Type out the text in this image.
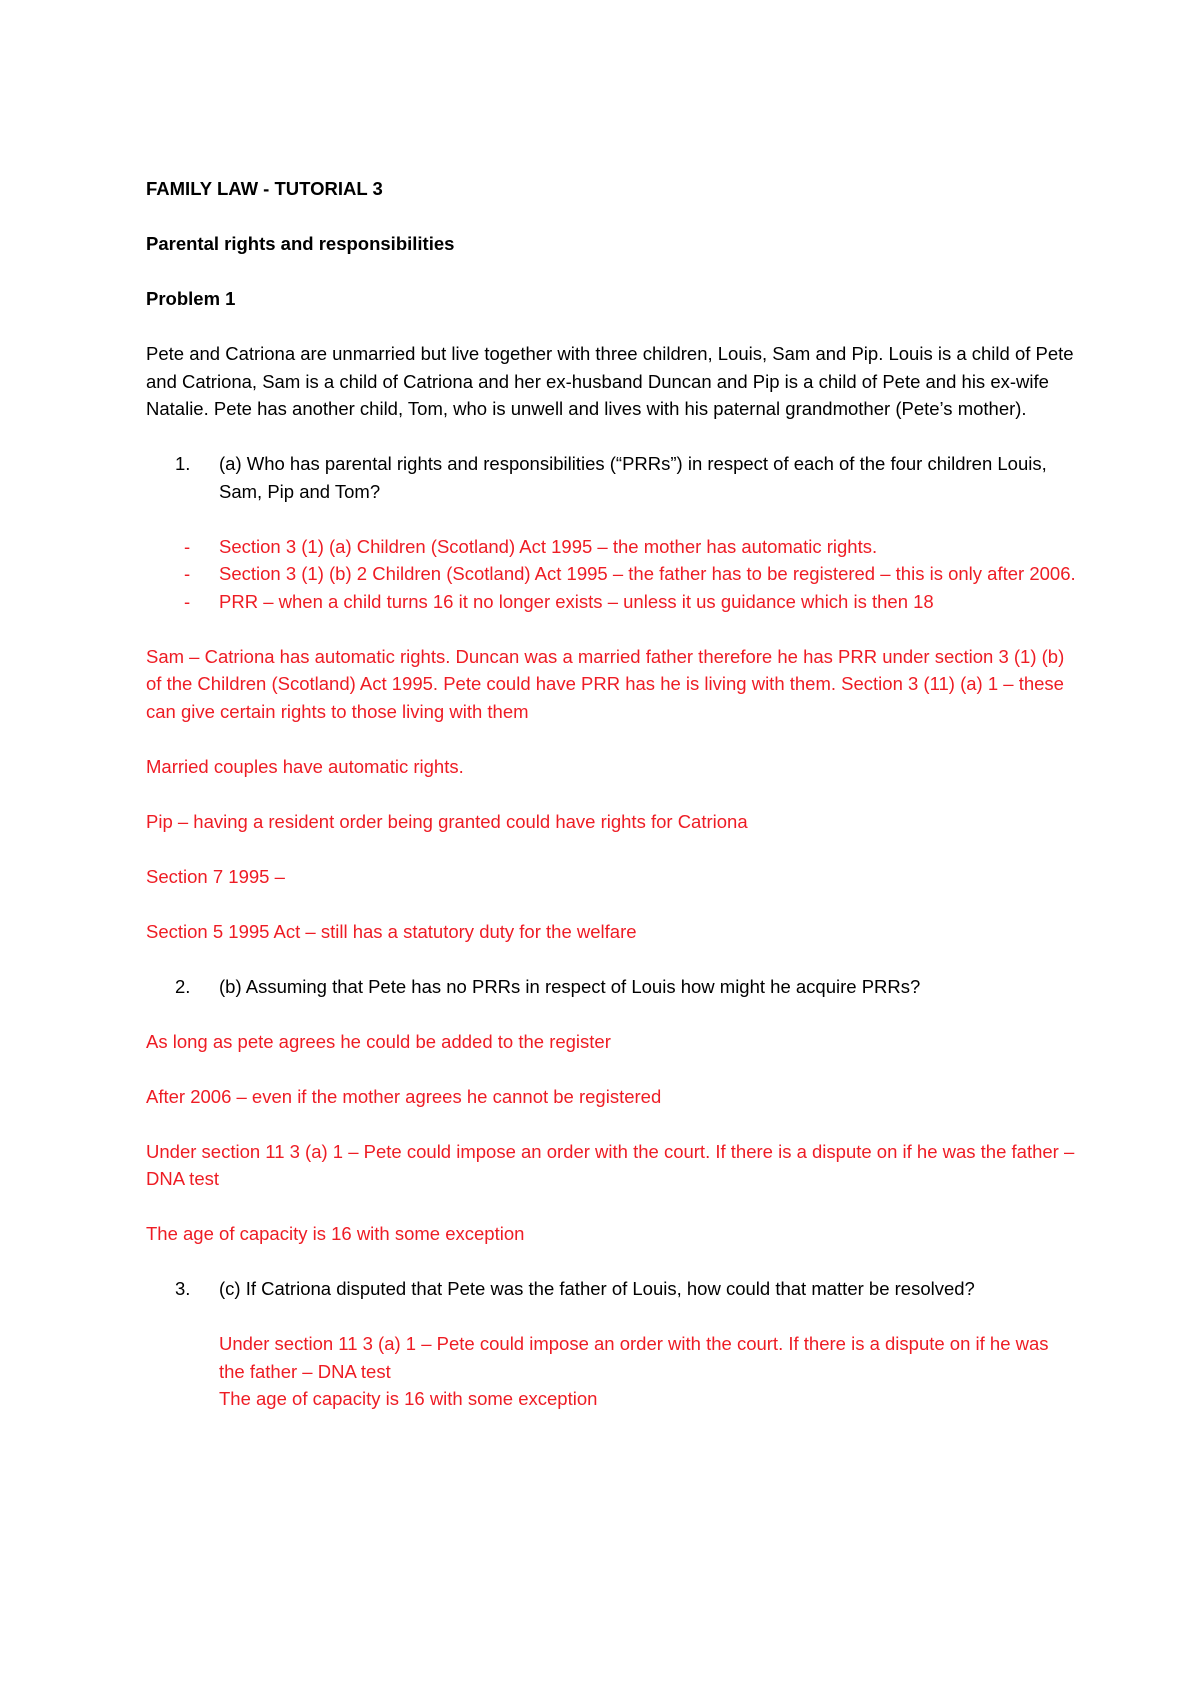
FAMILY LAW - TUTORIAL 3

Parental rights and responsibilities

Problem 1

Pete and Catriona are unmarried but live together with three children, Louis, Sam and Pip. Louis is a child of Pete and Catriona, Sam is a child of Catriona and her ex-husband Duncan and Pip is a child of Pete and his ex-wife Natalie. Pete has another child, Tom, who is unwell and lives with his paternal grandmother (Pete’s mother).

1. (a) Who has parental rights and responsibilities (“PRRs”) in respect of each of the four children Louis, Sam, Pip and Tom?
- Section 3 (1) (a) Children (Scotland) Act 1995 – the mother has automatic rights.
- Section 3 (1) (b) 2 Children (Scotland) Act 1995 – the father has to be registered – this is only after 2006.
- PRR – when a child turns 16 it no longer exists – unless it us guidance which is then 18

Sam – Catriona has automatic rights. Duncan was a married father therefore he has PRR under section 3 (1) (b) of the Children (Scotland) Act 1995. Pete could have PRR has he is living with them. Section 3 (11) (a) 1 – these can give certain rights to those living with them

Married couples have automatic rights.

Pip – having a resident order being granted could have rights for Catriona

Section 7 1995 –

Section 5 1995 Act – still has a statutory duty for the welfare

2. (b) Assuming that Pete has no PRRs in respect of Louis how might he acquire PRRs?

As long as pete agrees he could be added to the register

After 2006 – even if the mother agrees he cannot be registered

Under section 11 3 (a) 1 – Pete could impose an order with the court. If there is a dispute on if he was the father – DNA test

The age of capacity is 16 with some exception

3. (c) If Catriona disputed that Pete was the father of Louis, how could that matter be resolved?
Under section 11 3 (a) 1 – Pete could impose an order with the court. If there is a dispute on if he was the father – DNA test
The age of capacity is 16 with some exception
